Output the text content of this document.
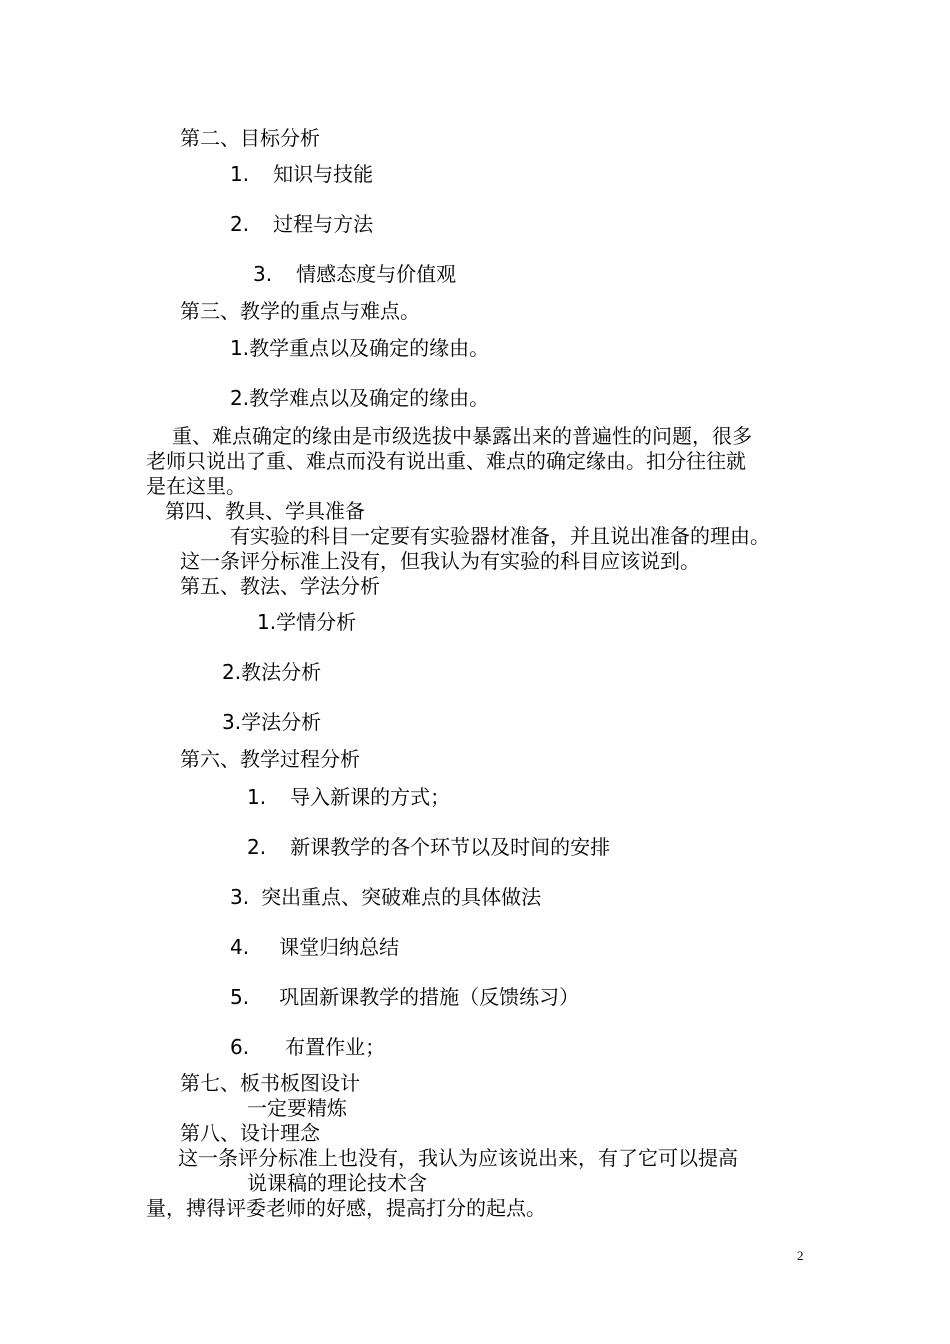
第二、目标分析
1. 知识与技能
2. 过程与方法
3. 情感态度与价值观
第三、教学的重点与难点。
1.教学重点以及确定的缘由。
2.教学难点以及确定的缘由。
重、难点确定的缘由是市级选拔中暴露出来的普遍性的问题，很多
老师只说出了重、难点而没有说出重、难点的确定缘由。扣分往往就
是在这里。
第四、教具、学具准备
有实验的科目一定要有实验器材准备，并且说出准备的理由。
这一条评分标准上没有，但我认为有实验的科目应该说到。
第五、教法、学法分析
1.学情分析
2.教法分析
3.学法分析
第六、教学过程分析
1. 导入新课的方式；
2. 新课教学的各个环节以及时间的安排
3. 突出重点、突破难点的具体做法
4. 课堂归纳总结
5. 巩固新课教学的措施（反馈练习）
6. 布置作业；
第七、板书板图设计
一定要精炼
第八、设计理念
这一条评分标准上也没有，我认为应该说出来，有了它可以提高
说课稿的理论技术含
量，搏得评委老师的好感，提高打分的起点。
2
